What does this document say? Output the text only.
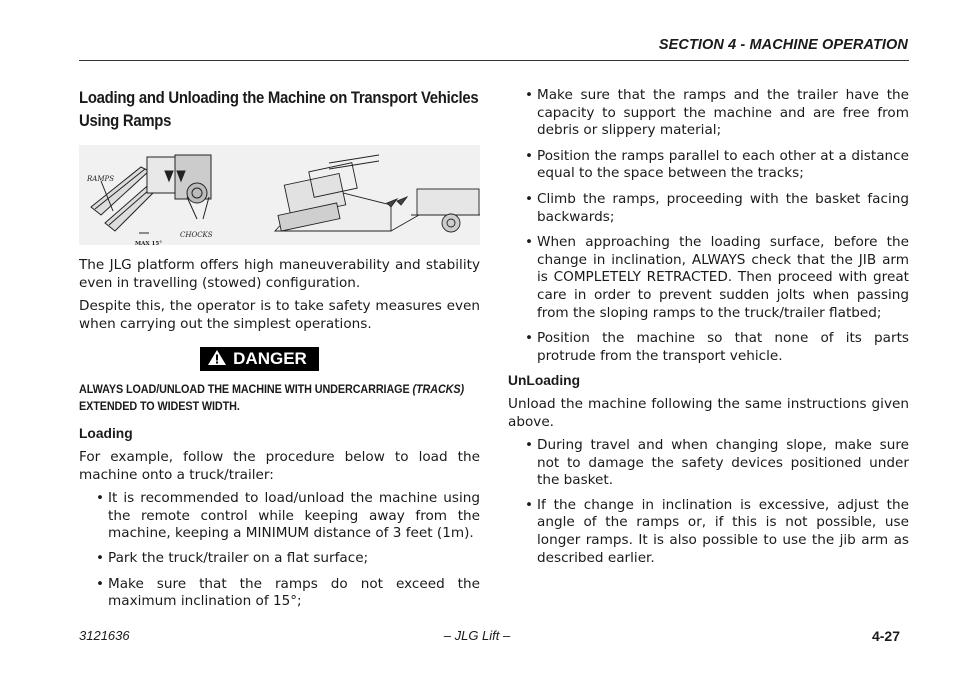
SECTION 4 - MACHINE OPERATION
Loading and Unloading the Machine on Transport Vehicles Using Ramps
RAMPS
CHOCKS
MAX 15°

The JLG platform offers high maneuverability and stability even in travelling (stowed) configuration.

Despite this, the operator is to take safety measures even when carrying out the simplest operations.

DANGER
ALWAYS LOAD/UNLOAD THE MACHINE WITH UNDERCARRIAGE (TRACKS) EXTENDED TO WIDEST WIDTH.

Loading

For example, follow the procedure below to load the machine onto a truck/trailer:

• It is recommended to load/unload the machine using the remote control while keeping away from the machine, keeping a MINIMUM distance of 3 feet (1m).
• Park the truck/trailer on a flat surface;
• Make sure that the ramps do not exceed the maximum inclination of 15°;
• Make sure that the ramps and the trailer have the capacity to support the machine and are free from debris or slippery material;
• Position the ramps parallel to each other at a distance equal to the space between the tracks;
• Climb the ramps, proceeding with the basket facing backwards;
• When approaching the loading surface, before the change in inclination, ALWAYS check that the JIB arm is COMPLETELY RETRACTED. Then proceed with great care in order to prevent sudden jolts when passing from the sloping ramps to the truck/trailer flatbed;
• Position the machine so that none of its parts protrude from the transport vehicle.

UnLoading

Unload the machine following the same instructions given above.

• During travel and when changing slope, make sure not to damage the safety devices positioned under the basket.
• If the change in inclination is excessive, adjust the angle of the ramps or, if this is not possible, use longer ramps. It is also possible to use the jib arm as described earlier.
3121636	– JLG Lift –	4-27
